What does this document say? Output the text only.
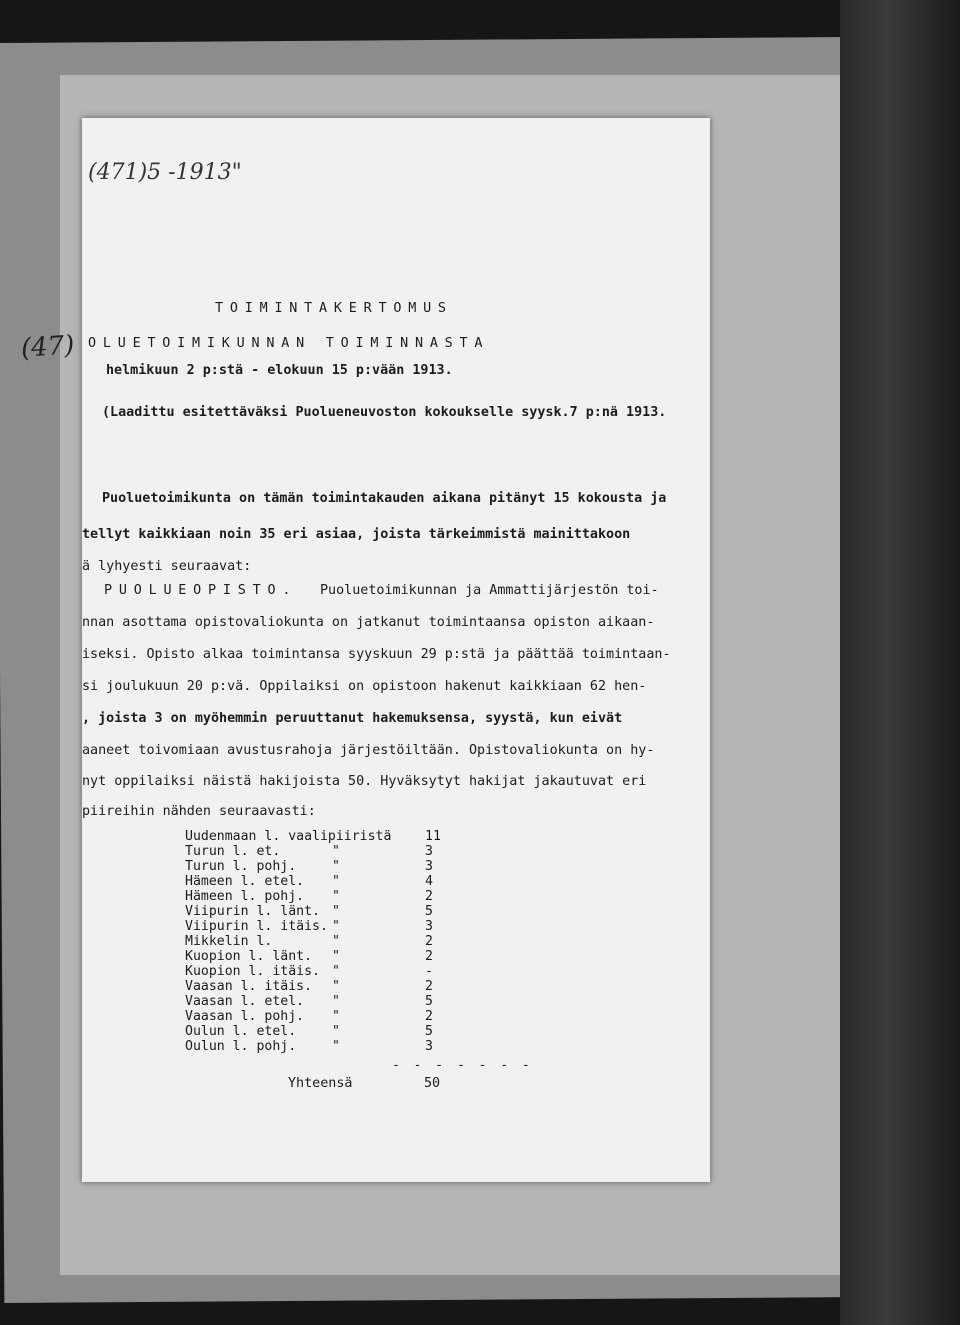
(471)5 -1913"
(47)
TOIMINTAKERTOMUS
OLUETOIMIKUNNAN TOIMINNASTA
helmikuun 2 p:stä - elokuun 15 p:vään 1913.
(Laadittu esitettäväksi Puolueneuvoston kokoukselle syysk.7 p:nä 1913.
Puoluetoimikunta on tämän toimintakauden aikana pitänyt 15 kokousta ja
tellyt kaikkiaan noin 35 eri asiaa, joista tärkeimmistä mainittakoon
ä lyhyesti seuraavat:
PUOLUEOPISTO. Puoluetoimikunnan ja Ammattijärjestön toi-
nnan asottama opistovaliokunta on jatkanut toimintaansa opiston aikaan-
iseksi. Opisto alkaa toimintansa syyskuun 29 p:stä ja päättää toimintaan-
si joulukuun 20 p:vä. Oppilaiksi on opistoon hakenut kaikkiaan 62 hen-
, joista 3 on myöhemmin peruuttanut hakemuksensa, syystä, kun eivät
aaneet toivomiaan avustusrahoja järjestöiltään. Opistovaliokunta on hy-
nyt oppilaiksi näistä hakijoista 50. Hyväksytyt hakijat jakautuvat eri
piireihin nähden seuraavasti:
Uudenmaan l. vaalipiiristä	11
Turun l. et.	"	3
Turun l. pohj.	"	3
Hämeen l. etel. "	4
Hämeen l. pohj. "	2
Viipurin l. länt. "	5
Viipurin l. itäis. "	3
Mikkelin l.	"	2
Kuopion l. länt. "	2
Kuopion l. itäis. "	-
Vaasan l. itäis. "	2
Vaasan l. etel. "	5
Vaasan l. pohj. "	2
Oulun l. etel.	"	5
Oulun l. pohj.	"	3
- - - - - - -
Yhteensä	50
